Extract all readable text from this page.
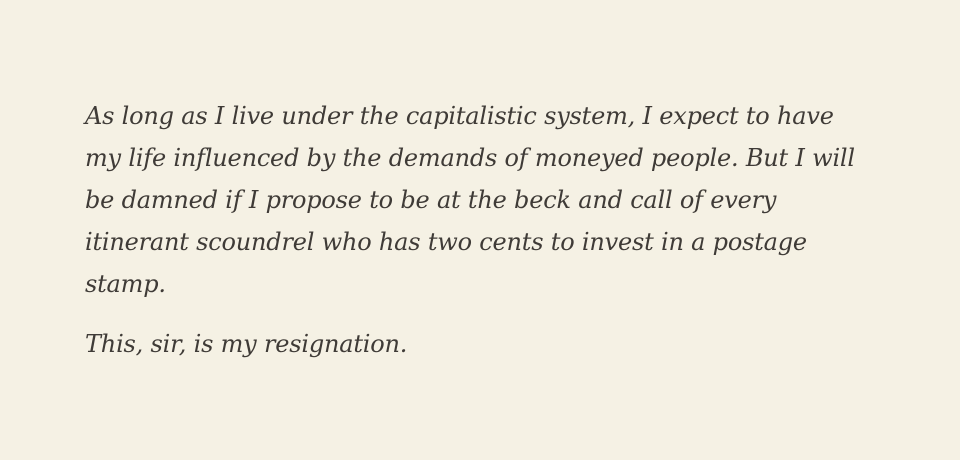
As long as I live under the capitalistic system, I expect to have
my life influenced by the demands of moneyed people. But I will
be damned if I propose to be at the beck and call of every
itinerant scoundrel who has two cents to invest in a postage
stamp.

This, sir, is my resignation.
